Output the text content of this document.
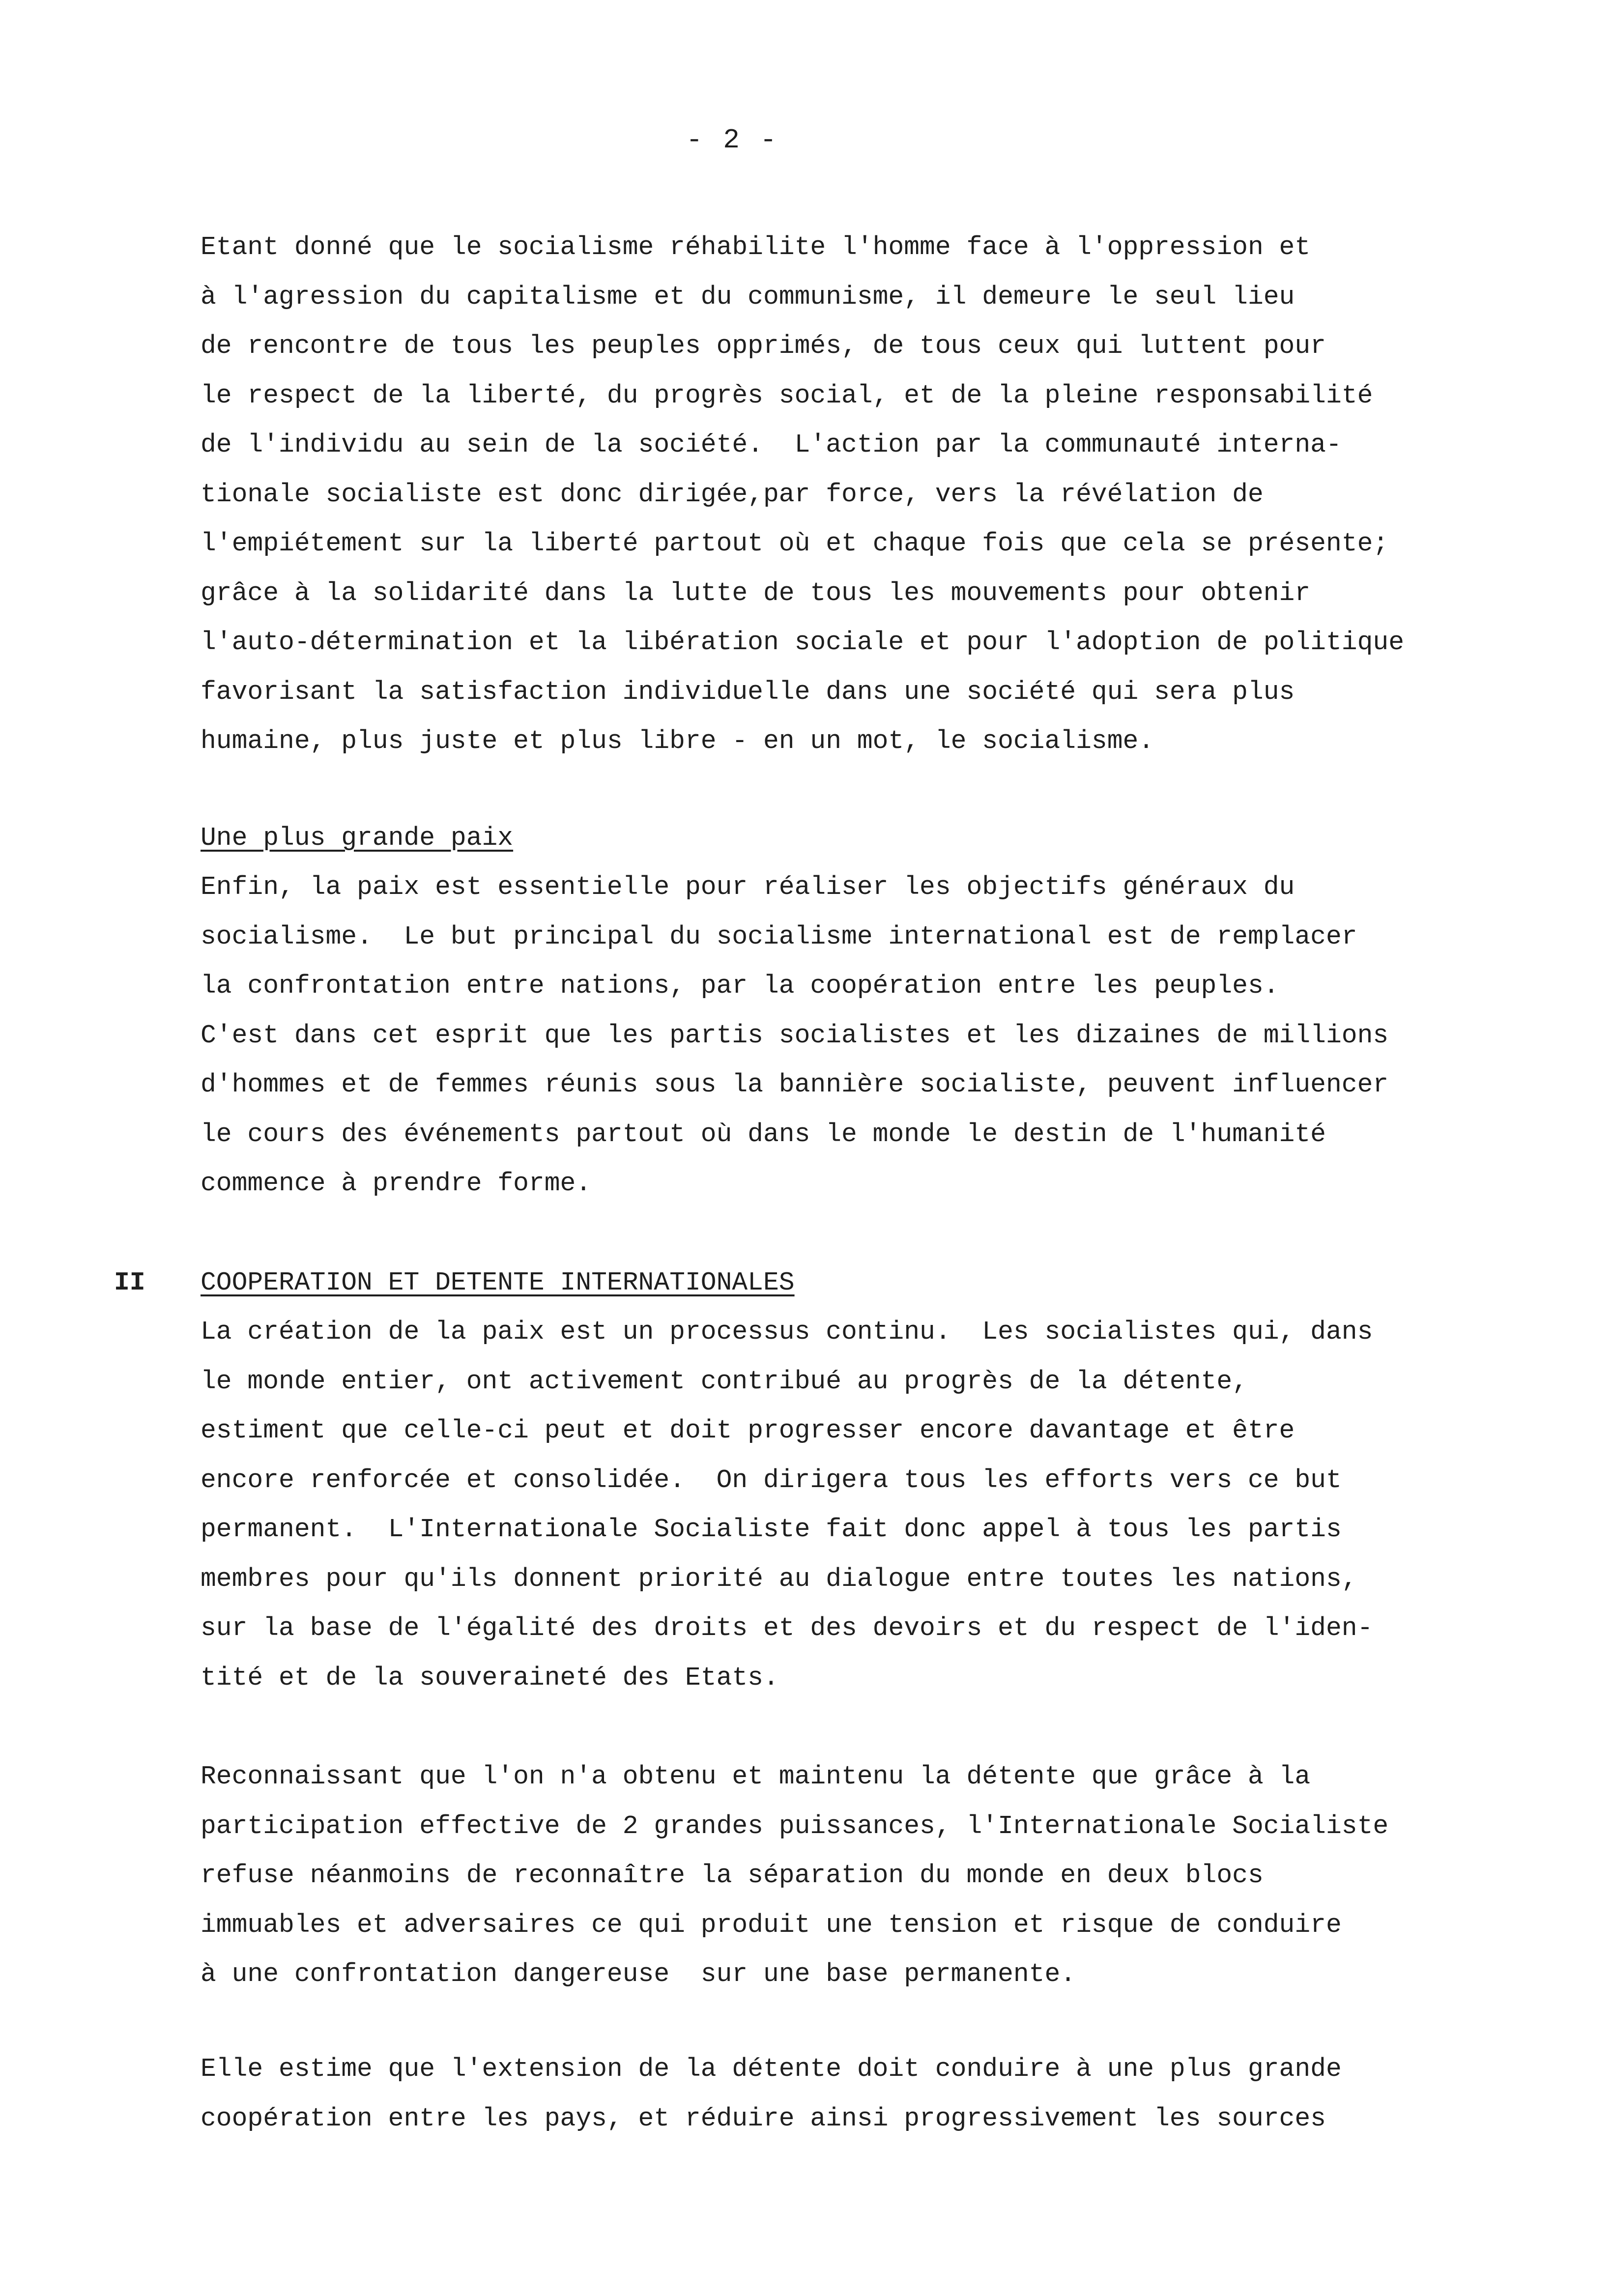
- 2 -
Etant donné que le socialisme réhabilite l'homme face à l'oppression et
à l'agression du capitalisme et du communisme, il demeure le seul lieu
de rencontre de tous les peuples opprimés, de tous ceux qui luttent pour
le respect de la liberté, du progrès social, et de la pleine responsabilité
de l'individu au sein de la société.  L'action par la communauté interna-
tionale socialiste est donc dirigée,par force, vers la révélation de
l'empiétement sur la liberté partout où et chaque fois que cela se présente;
grâce à la solidarité dans la lutte de tous les mouvements pour obtenir
l'auto-détermination et la libération sociale et pour l'adoption de politique
favorisant la satisfaction individuelle dans une société qui sera plus
humaine, plus juste et plus libre - en un mot, le socialisme.
Une plus grande paix
Enfin, la paix est essentielle pour réaliser les objectifs généraux du
socialisme.  Le but principal du socialisme international est de remplacer
la confrontation entre nations, par la coopération entre les peuples.
C'est dans cet esprit que les partis socialistes et les dizaines de millions
d'hommes et de femmes réunis sous la bannière socialiste, peuvent influencer
le cours des événements partout où dans le monde le destin de l'humanité
commence à prendre forme.
II COOPERATION ET DETENTE INTERNATIONALES
La création de la paix est un processus continu.  Les socialistes qui, dans
le monde entier, ont activement contribué au progrès de la détente,
estiment que celle-ci peut et doit progresser encore davantage et être
encore renforcée et consolidée.  On dirigera tous les efforts vers ce but
permanent.  L'Internationale Socialiste fait donc appel à tous les partis
membres pour qu'ils donnent priorité au dialogue entre toutes les nations,
sur la base de l'égalité des droits et des devoirs et du respect de l'iden-
tité et de la souveraineté des Etats.
Reconnaissant que l'on n'a obtenu et maintenu la détente que grâce à la
participation effective de 2 grandes puissances, l'Internationale Socialiste
refuse néanmoins de reconnaître la séparation du monde en deux blocs
immuables et adversaires ce qui produit une tension et risque de conduire
à une confrontation dangereuse  sur une base permanente.
Elle estime que l'extension de la détente doit conduire à une plus grande
coopération entre les pays, et réduire ainsi progressivement les sources
